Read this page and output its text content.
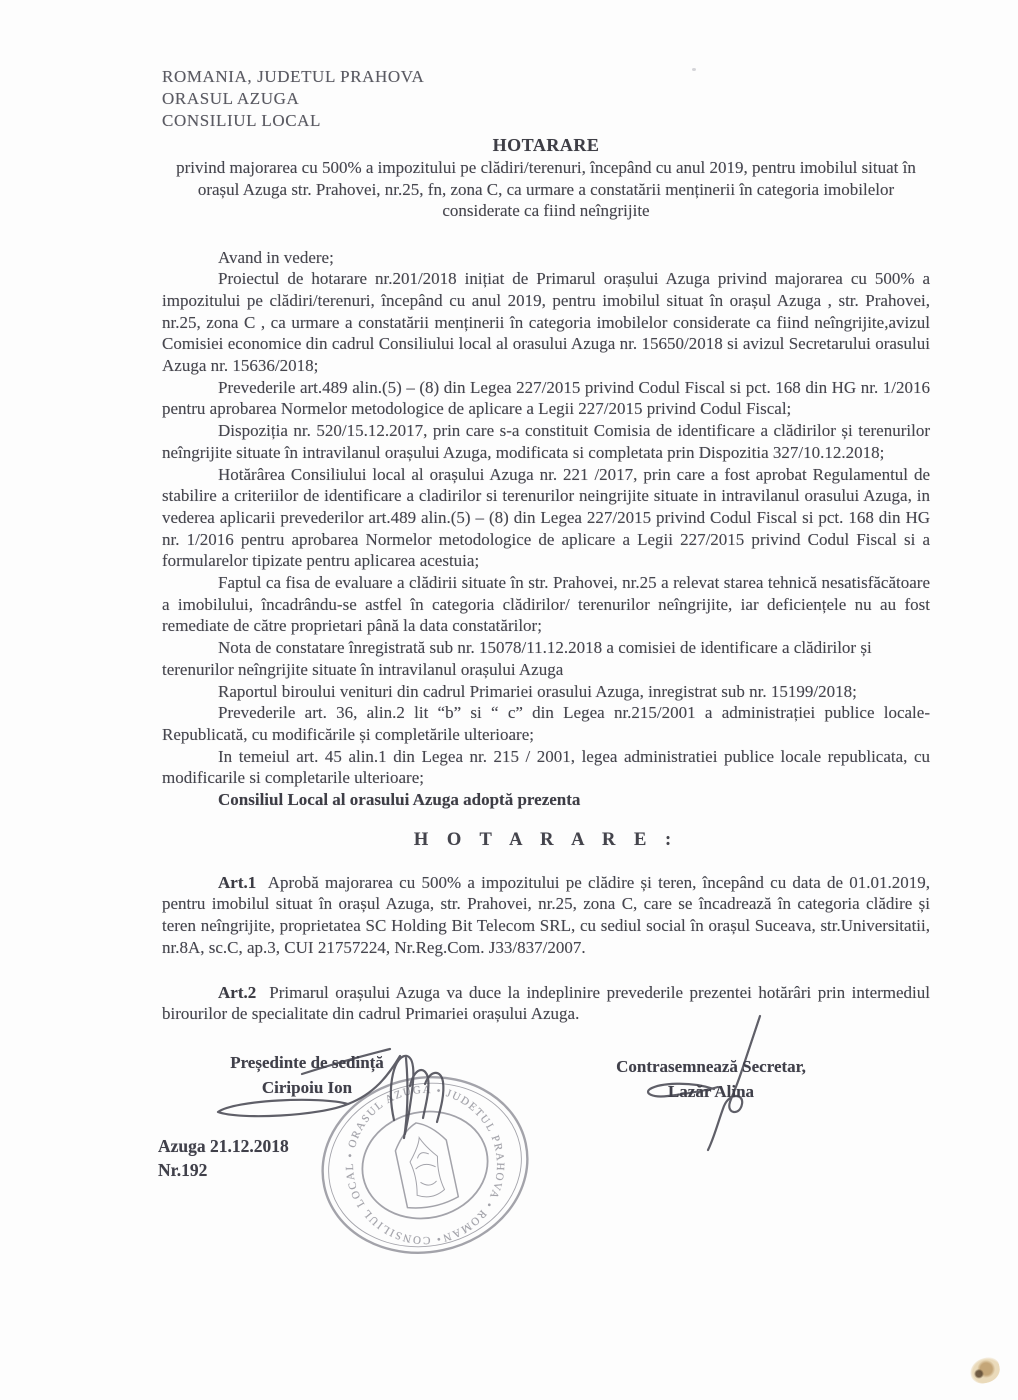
ROMANIA, JUDETUL PRAHOVA
ORASUL AZUGA
CONSILIUL LOCAL
HOTARARE
privind majorarea cu 500% a impozitului pe clădiri/terenuri, începând cu anul 2019, pentru imobilul situat în orașul Azuga str. Prahovei, nr.25, fn, zona C, ca urmare a constatării menținerii în categoria imobilelor considerate ca fiind neîngrijite

Avand in vedere;

Proiectul de hotarare nr.201/2018 inițiat de Primarul orașului Azuga privind majorarea cu 500% a impozitului pe clădiri/terenuri, începând cu anul 2019, pentru imobilul situat în orașul Azuga , str. Prahovei, nr.25, zona C , ca urmare a constatării menținerii în categoria imobilelor considerate ca fiind neîngrijite,avizul Comisiei economice din cadrul Consiliului local al orasului Azuga nr. 15650/2018 si avizul Secretarului orasului Azuga nr. 15636/2018;

Prevederile art.489 alin.(5) – (8) din Legea 227/2015 privind Codul Fiscal si pct. 168 din HG nr. 1/2016 pentru aprobarea Normelor metodologice de aplicare a Legii 227/2015 privind Codul Fiscal;

Dispoziția nr. 520/15.12.2017, prin care s-a constituit Comisia de identificare a clădirilor și terenurilor neîngrijite situate în intravilanul orașului Azuga, modificata si completata prin Dispozitia 327/10.12.2018;

Hotărârea Consiliului local al orașului Azuga nr. 221 /2017, prin care a fost aprobat Regulamentul de stabilire a criteriilor de identificare a cladirilor si terenurilor neingrijite situate in intravilanul orasului Azuga, in vederea aplicarii prevederilor art.489 alin.(5) – (8) din Legea 227/2015 privind Codul Fiscal si pct. 168 din HG nr. 1/2016 pentru aprobarea Normelor metodologice de aplicare a Legii 227/2015 privind Codul Fiscal si a formularelor tipizate pentru aplicarea acestuia;

Faptul ca fisa de evaluare a clădirii situate în str. Prahovei, nr.25 a relevat starea tehnică nesatisfăcătoare a imobilului, încadrându-se astfel în categoria clădirilor/ terenurilor neîngrijite, iar deficiențele nu au fost remediate de către proprietari până la data constatărilor;

Nota de constatare înregistrată sub nr. 15078/11.12.2018 a comisiei de identificare a clădirilor și terenurilor neîngrijite situate în intravilanul orașului Azuga

Raportul biroului venituri din cadrul Primariei orasului Azuga, inregistrat sub nr. 15199/2018;

Prevederile art. 36, alin.2 lit “b” si “ c” din Legea nr.215/2001 a administrației publice locale- Republicată, cu modificările și completările ulterioare;

In temeiul art. 45 alin.1 din Legea nr. 215 / 2001, legea administratiei publice locale republicata, cu modificarile si completarile ulterioare;

Consiliul Local al orasului Azuga adoptă prezenta

H O T A R A R E :

Art.1 Aprobă majorarea cu 500% a impozitului pe clădire și teren, începând cu data de 01.01.2019, pentru imobilul situat în orașul Azuga, str. Prahovei, nr.25, zona C, care se încadrează în categoria clădire și teren neîngrijite, proprietatea SC Holding Bit Telecom SRL, cu sediul social în orașul Suceava, str.Universitatii, nr.8A, sc.C, ap.3, CUI 21757224, Nr.Reg.Com. J33/837/2007.

Art.2 Primarul orașului Azuga va duce la indeplinire prevederile prezentei hotărâri prin intermediul birourilor de specialitate din cadrul Primariei orașului Azuga.

• CONSILIUL LOCAL • ORASUL AZUGA • JUDETUL PRAHOVA • ROMANIA
Președinte de sedință
Ciripoiu Ion
Contrasemnează Secretar,
Lazăr Alina
Azuga 21.12.2018
Nr.192
